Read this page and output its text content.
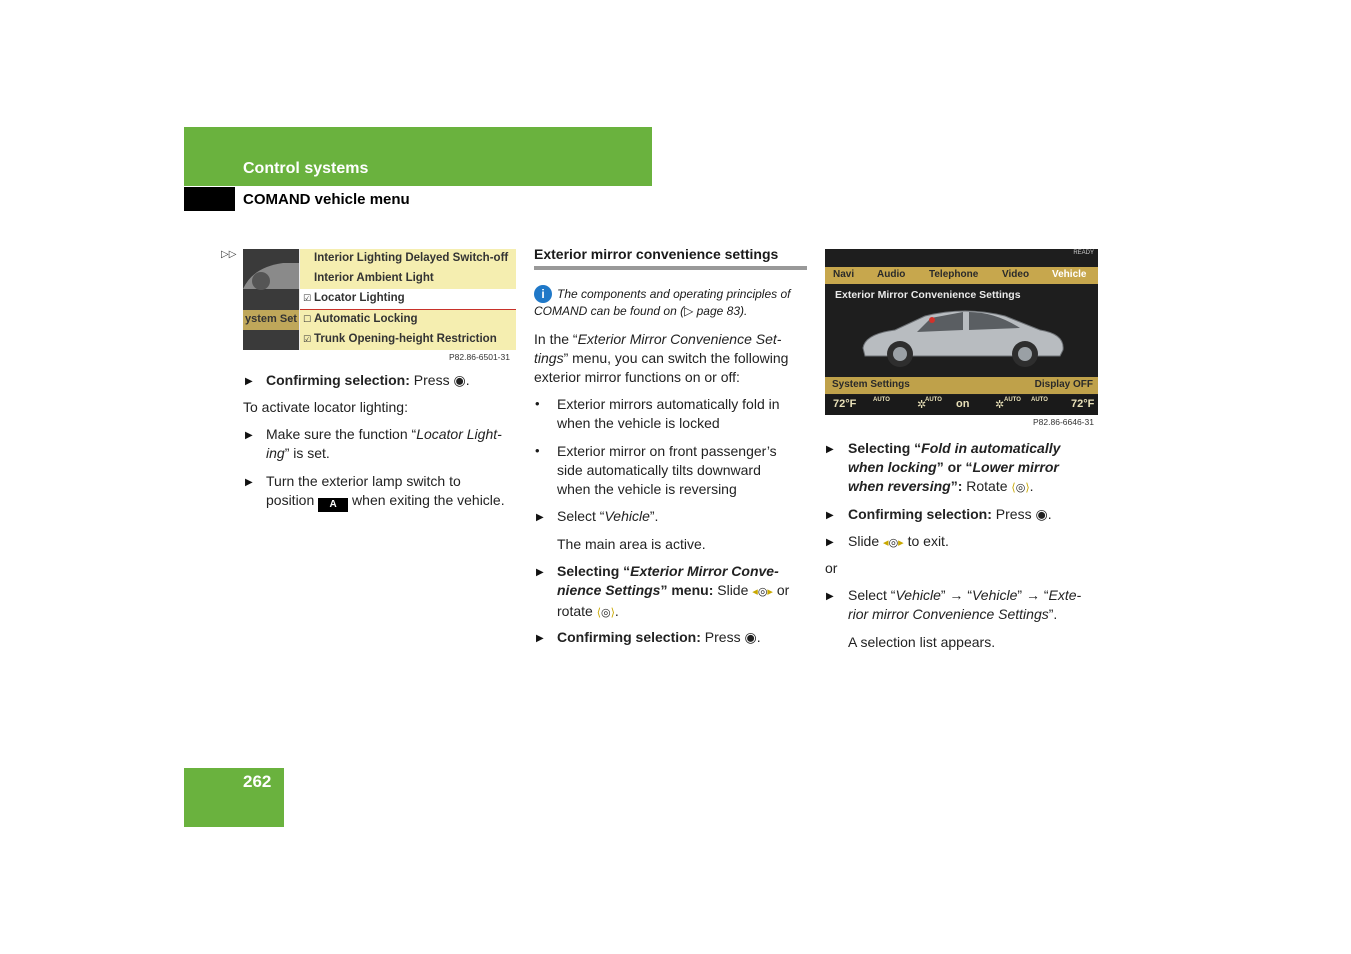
Control systems
COMAND vehicle menu
▷▷
ystem Set
Interior Lighting Delayed Switch-off
Interior Ambient Light
☑ Locator Lighting
☐ Automatic Locking
☑ Trunk Opening-height Restriction
P82.86-6501-31
▶ Confirming selection: Press ◉.
To activate locator lighting:
▶ Make sure the function “Locator Light-
ing” is set.
▶ Turn the exterior lamp switch to
position A when exiting the vehicle.
Exterior mirror convenience settings
i	The components and operating principles of
COMAND can be found on (▷ page 83).
In the “Exterior Mirror Convenience Set-
tings” menu, you can switch the following
exterior mirror functions on or off:
• Exterior mirrors automatically fold in
when the vehicle is locked
• Exterior mirror on front passenger’s
side automatically tilts downward
when the vehicle is reversing
▶ Select “Vehicle”.
The main area is active.
▶ Selecting “Exterior Mirror Conve-
nience Settings” menu: Slide ◂◎▸ or
rotate ⟨◎⟩.
▶ Confirming selection: Press ◉.
READY
Navi Audio Telephone Video Vehicle
Exterior Mirror Convenience Settings
System Settings	Display OFF
72°F	AUTO ✲
AUTO on ✲ AUTO AUTO 72°F
P82.86-6646-31
▶ Selecting “Fold in automatically
when locking” or “Lower mirror
when reversing”: Rotate ⟨◎⟩.
▶ Confirming selection: Press ◉.
▶ Slide ◂◎▸ to exit.
or
▶ Select “Vehicle” → “Vehicle” → “Exte-
rior mirror Convenience Settings”.
A selection list appears.
262
